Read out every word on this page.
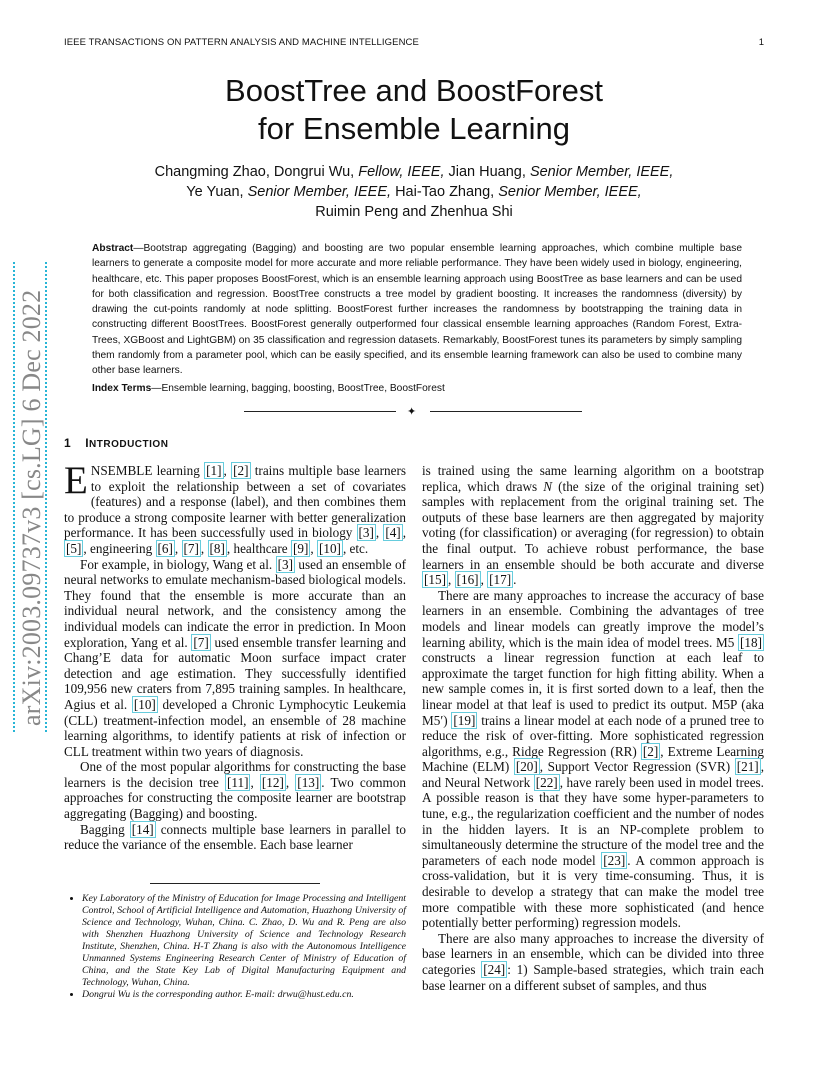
IEEE TRANSACTIONS ON PATTERN ANALYSIS AND MACHINE INTELLIGENCE	1
BoostTree and BoostForest
for Ensemble Learning
Changming Zhao, Dongrui Wu, Fellow, IEEE, Jian Huang, Senior Member, IEEE,
Ye Yuan, Senior Member, IEEE, Hai-Tao Zhang, Senior Member, IEEE,
Ruimin Peng and Zhenhua Shi
Abstract—Bootstrap aggregating (Bagging) and boosting are two popular ensemble learning approaches, which combine multiple base learners to generate a composite model for more accurate and more reliable performance. They have been widely used in biology, engineering, healthcare, etc. This paper proposes BoostForest, which is an ensemble learning approach using BoostTree as base learners and can be used for both classification and regression. BoostTree constructs a tree model by gradient boosting. It increases the randomness (diversity) by drawing the cut-points randomly at node splitting. BoostForest further increases the randomness by bootstrapping the training data in constructing different BoostTrees. BoostForest generally outperformed four classical ensemble learning approaches (Random Forest, Extra-Trees, XGBoost and LightGBM) on 35 classification and regression datasets. Remarkably, BoostForest tunes its parameters by simply sampling them randomly from a parameter pool, which can be easily specified, and its ensemble learning framework can also be used to combine many other base learners.
Index Terms—Ensemble learning, bagging, boosting, BoostTree, BoostForest
✦
arXiv:2003.09737v3 [cs.LG] 6 Dec 2022 1 INTRODUCTION

ENSEMBLE learning [1] , [2] trains multiple base learners to exploit the relationship between a set of covariates (features) and a response (label), and then combines them to produce a strong composite learner with better generalization performance. It has been successfully used in biology [3] , [4] , [5] , engineering [6] , [7] , [8] , healthcare [9] , [10] , etc.

For example, in biology, Wang et al. [3] used an ensemble of neural networks to emulate mechanism-based biological models. They found that the ensemble is more accurate than an individual neural network, and the consistency among the individual models can indicate the error in prediction. In Moon exploration, Yang et al. [7] used ensemble transfer learning and Chang’E data for automatic Moon surface impact crater detection and age estimation. They successfully identified 109,956 new craters from 7,895 training samples. In healthcare, Agius et al. [10] developed a Chronic Lymphocytic Leukemia (CLL) treatment-infection model, an ensemble of 28 machine learning algorithms, to identify patients at risk of infection or CLL treatment within two years of diagnosis.

One of the most popular algorithms for constructing the base learners is the decision tree [11] , [12] , [13] . Two common approaches for constructing the composite learner are bootstrap aggregating (Bagging) and boosting.

Bagging [14] connects multiple base learners in parallel to reduce the variance of the ensemble. Each base learner

• Key Laboratory of the Ministry of Education for Image Processing and Intelligent Control, School of Artificial Intelligence and Automation, Huazhong University of Science and Technology, Wuhan, China. C. Zhao, D. Wu and R. Peng are also with Shenzhen Huazhong University of Science and Technology Research Institute, Shenzhen, China. H-T Zhang is also with the Autonomous Intelligence Unmanned Systems Engineering Research Center of Ministry of Education of China, and the State Key Lab of Digital Manufacturing Equipment and Technology, Wuhan, China.
• Dongrui Wu is the corresponding author. E-mail: drwu@hust.edu.cn.

is trained using the same learning algorithm on a bootstrap replica, which draws N (the size of the original training set) samples with replacement from the original training set. The outputs of these base learners are then aggregated by majority voting (for classification) or averaging (for regression) to obtain the final output. To achieve robust performance, the base learners in an ensemble should be both accurate and diverse [15] , [16] , [17] .

There are many approaches to increase the accuracy of base learners in an ensemble. Combining the advantages of tree models and linear models can greatly improve the model’s learning ability, which is the main idea of model trees. M5 [18] constructs a linear regression function at each leaf to approximate the target function for high fitting ability. When a new sample comes in, it is first sorted down to a leaf, then the linear model at that leaf is used to predict its output. M5P (aka M5′) [19] trains a linear model at each node of a pruned tree to reduce the risk of over-fitting. More sophisticated regression algorithms, e.g., Ridge Regression (RR) [2] , Extreme Learning Machine (ELM) [20] , Support Vector Regression (SVR) [21] , and Neural Network [22] , have rarely been used in model trees. A possible reason is that they have some hyper-parameters to tune, e.g., the regularization coefficient and the number of nodes in the hidden layers. It is an NP-complete problem to simultaneously determine the structure of the model tree and the parameters of each node model [23] . A common approach is cross-validation, but it is very time-consuming. Thus, it is desirable to develop a strategy that can make the model tree more compatible with these more sophisticated (and hence potentially better performing) regression models.

There are also many approaches to increase the diversity of base learners in an ensemble, which can be divided into three categories [24] : 1) Sample-based strategies, which train each base learner on a different subset of samples, and thus
